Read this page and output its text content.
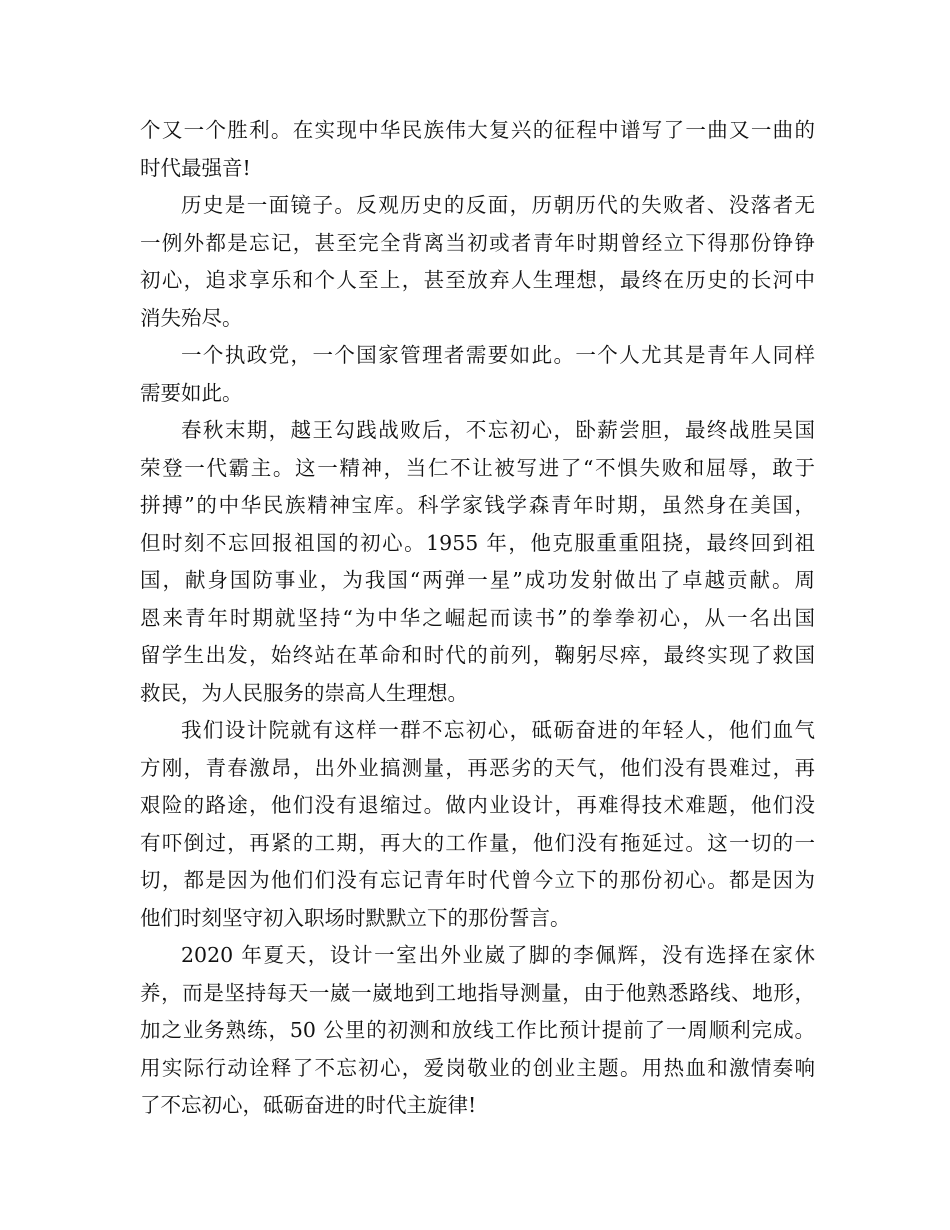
个又一个胜利。在实现中华民族伟大复兴的征程中谱写了一曲又一曲的
时代最强音!
历史是一面镜子。反观历史的反面，历朝历代的失败者、没落者无
一例外都是忘记，甚至完全背离当初或者青年时期曾经立下得那份铮铮
初心，追求享乐和个人至上，甚至放弃人生理想，最终在历史的长河中
消失殆尽。
一个执政党，一个国家管理者需要如此。一个人尤其是青年人同样
需要如此。
春秋末期，越王勾践战败后，不忘初心，卧薪尝胆，最终战胜吴国
荣登一代霸主。这一精神，当仁不让被写进了“不惧失败和屈辱，敢于
拼搏”的中华民族精神宝库。科学家钱学森青年时期，虽然身在美国，
但时刻不忘回报祖国的初心。1955 年，他克服重重阻挠，最终回到祖
国，献身国防事业，为我国“两弹一星”成功发射做出了卓越贡献。周
恩来青年时期就坚持“为中华之崛起而读书”的拳拳初心，从一名出国
留学生出发，始终站在革命和时代的前列，鞠躬尽瘁，最终实现了救国
救民，为人民服务的崇高人生理想。
我们设计院就有这样一群不忘初心，砥砺奋进的年轻人，他们血气
方刚，青春激昂，出外业搞测量，再恶劣的天气，他们没有畏难过，再
艰险的路途，他们没有退缩过。做内业设计，再难得技术难题，他们没
有吓倒过，再紧的工期，再大的工作量，他们没有拖延过。这一切的一
切，都是因为他们们没有忘记青年时代曾今立下的那份初心。都是因为
他们时刻坚守初入职场时默默立下的那份誓言。
2020 年夏天，设计一室出外业崴了脚的李佩辉，没有选择在家休
养，而是坚持每天一崴一崴地到工地指导测量，由于他熟悉路线、地形，
加之业务熟练，50 公里的初测和放线工作比预计提前了一周顺利完成。
用实际行动诠释了不忘初心，爱岗敬业的创业主题。用热血和激情奏响
了不忘初心，砥砺奋进的时代主旋律!
